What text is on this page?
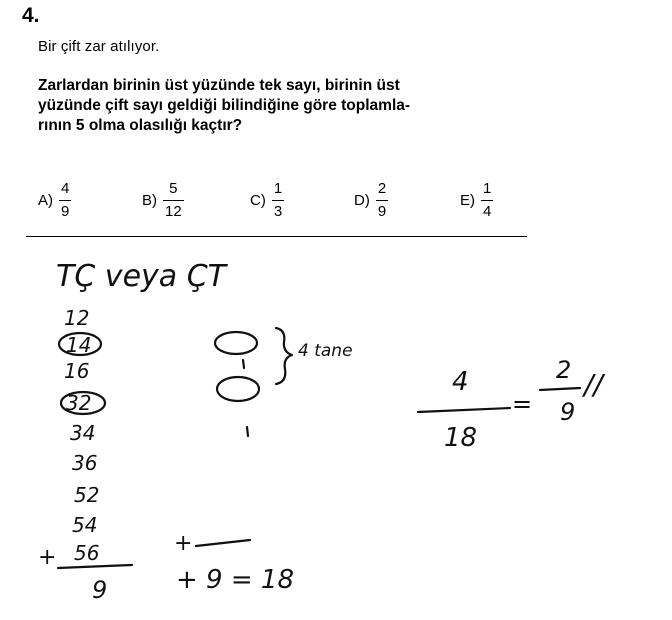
4.
Bir çift zar atılıyor.
Zarlardan birinin üst yüzünde tek sayı, birinin üst
yüzünde çift sayı geldiği bilindiğine göre toplamla-
rının 5 olma olasılığı kaçtır?
$A) \frac{4}{9}$	$B) \frac{5}{12}$	$C) \frac{1}{3}$	$D) \frac{2}{9}$	$E) \frac{1}{4}$
TÇ veya ÇT
12
14
16
32
34
36
52
54
56
+
9
+
+ 9 = 18
4 tane
4
18
=
2
9
//
